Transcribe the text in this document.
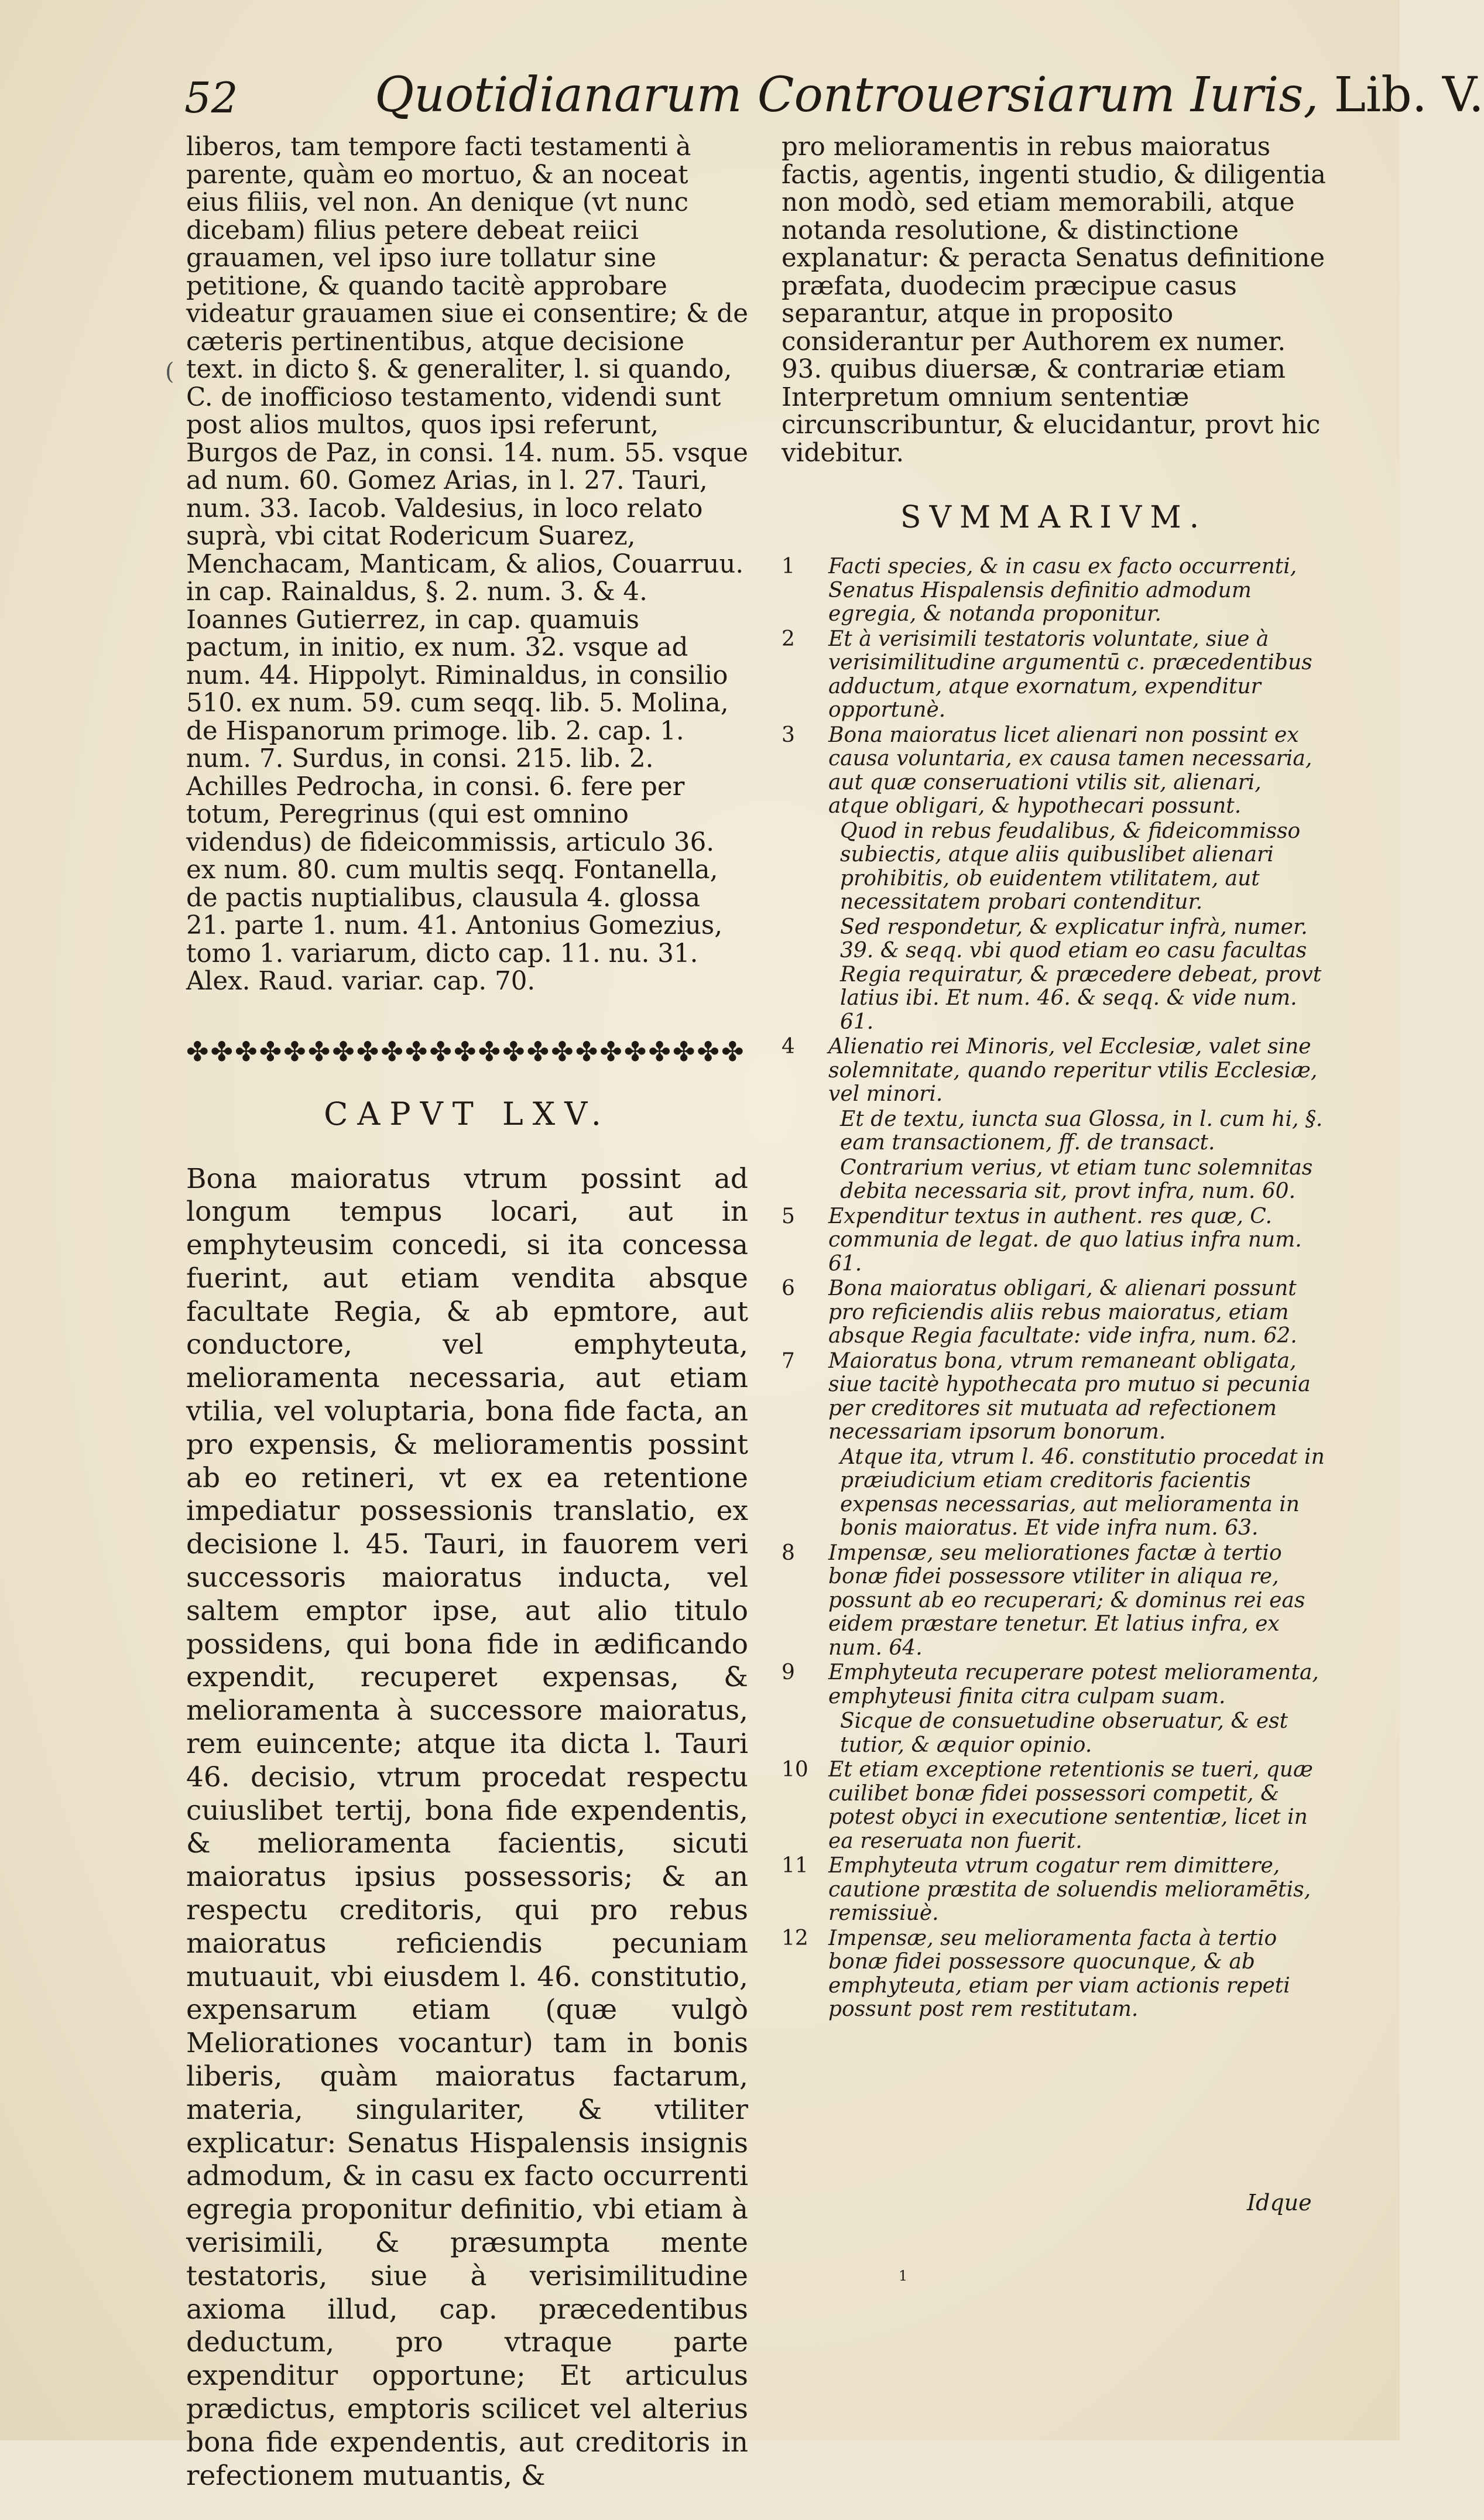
52	Quotidianarum Controuersiarum Iuris, Lib. V.
(

liberos, tam tempore facti testamenti à parente, quàm eo mortuo, & an noceat eius filiis, vel non. An denique (vt nunc dicebam) filius petere debeat reiici grauamen, vel ipso iure tollatur sine petitione, & quando tacitè approbare videatur grauamen siue ei consentire; & de cæteris pertinentibus, atque decisione text. in dicto §. & generaliter, l. si quando, C. de inofficioso testamento, videndi sunt post alios multos, quos ipsi referunt, Burgos de Paz, in consi. 14. num. 55. vsque ad num. 60. Gomez Arias, in l. 27. Tauri, num. 33. Iacob. Valdesius, in loco relato suprà, vbi citat Rodericum Suarez, Menchacam, Manticam, & alios, Couarruu. in cap. Rainaldus, §. 2. num. 3. & 4. Ioannes Gutierrez, in cap. quamuis pactum, in initio, ex num. 32. vsque ad num. 44. Hippolyt. Riminaldus, in consilio 510. ex num. 59. cum seqq. lib. 5. Molina, de Hispanorum primoge. lib. 2. cap. 1. num. 7. Surdus, in consi. 215. lib. 2. Achilles Pedrocha, in consi. 6. fere per totum, Peregrinus (qui est omnino videndus) de fideicommissis, articulo 36. ex num. 80. cum multis seqq. Fontanella, de pactis nuptialibus, clausula 4. glossa 21. parte 1. num. 41. Antonius Gomezius, tomo 1. variarum, dicto cap. 11. nu. 31. Alex. Raud. variar. cap. 70.

✤✤✤✤✤✤✤✤✤✤✤✤✤✤✤✤✤✤✤✤✤✤✤
CAPVT LXV.

Bona maioratus vtrum possint ad longum tempus locari, aut in emphyteusim concedi, si ita concessa fuerint, aut etiam vendita absque facultate Regia, & ab epmtore, aut conductore, vel emphyteuta, melioramenta necessaria, aut etiam vtilia, vel voluptaria, bona fide facta, an pro expensis, & melioramentis possint ab eo retineri, vt ex ea retentione impediatur possessionis translatio, ex decisione l. 45. Tauri, in fauorem veri successoris maioratus inducta, vel saltem emptor ipse, aut alio titulo possidens, qui bona fide in ædificando expendit, recuperet expensas, & melioramenta à successore maioratus, rem euincente; atque ita dicta l. Tauri 46. decisio, vtrum procedat respectu cuiuslibet tertij, bona fide expendentis, & melioramenta facientis, sicuti maioratus ipsius possessoris; & an respectu creditoris, qui pro rebus maioratus reficiendis pecuniam mutuauit, vbi eiusdem l. 46. constitutio, expensarum etiam (quæ vulgò Meliorationes vocantur) tam in bonis liberis, quàm maioratus factarum, materia, singulariter, & vtiliter explicatur: Senatus Hispalensis insignis admodum, & in casu ex facto occurrenti egregia proponitur definitio, vbi etiam à verisimili, & præsumpta mente testatoris, siue à verisimilitudine axioma illud, cap. præcedentibus deductum, pro vtraque parte expenditur opportune; Et articulus prædictus, emptoris scilicet vel alterius bona fide expendentis, aut creditoris in refectionem mutuantis, &

pro melioramentis in rebus maioratus factis, agentis, ingenti studio, & diligentia non modò, sed etiam memorabili, atque notanda resolutione, & distinctione explanatur: & peracta Senatus definitione præfata, duodecim præcipue casus separantur, atque in proposito considerantur per Authorem ex numer. 93. quibus diuersæ, & contrariæ etiam Interpretum omnium sententiæ circunscribuntur, & elucidantur, provt hic videbitur.

SVMMARIVM.
1	Facti species, & in casu ex facto occurrenti, Senatus Hispalensis definitio admodum egregia, & notanda proponitur.
2	Et à verisimili testatoris voluntate, siue à verisimilitudine argumentū c. præcedentibus adductum, atque exornatum, expenditur opportunè.
3	Bona maioratus licet alienari non possint ex causa voluntaria, ex causa tamen necessaria, aut quæ conseruationi vtilis sit, alienari, atque obligari, & hypothecari possunt.
Quod in rebus feudalibus, & fideicommisso subiectis, atque aliis quibuslibet alienari prohibitis, ob euidentem vtilitatem, aut necessitatem probari contenditur.
Sed respondetur, & explicatur infrà, numer. 39. & seqq. vbi quod etiam eo casu facultas Regia requiratur, & præcedere debeat, provt latius ibi. Et num. 46. & seqq. & vide num. 61.
4	Alienatio rei Minoris, vel Ecclesiæ, valet sine solemnitate, quando reperitur vtilis Ecclesiæ, vel minori.
Et de textu, iuncta sua Glossa, in l. cum hi, §. eam transactionem, ff. de transact.
Contrarium verius, vt etiam tunc solemnitas debita necessaria sit, provt infra, num. 60.
5	Expenditur textus in authent. res quæ, C. communia de legat. de quo latius infra num. 61.
6	Bona maioratus obligari, & alienari possunt pro reficiendis aliis rebus maioratus, etiam absque Regia facultate: vide infra, num. 62.
7	Maioratus bona, vtrum remaneant obligata, siue tacitè hypothecata pro mutuo si pecunia per creditores sit mutuata ad refectionem necessariam ipsorum bonorum.
Atque ita, vtrum l. 46. constitutio procedat in præiudicium etiam creditoris facientis expensas necessarias, aut melioramenta in bonis maioratus. Et vide infra num. 63.
8	Impensæ, seu meliorationes factæ à tertio bonæ fidei possessore vtiliter in aliqua re, possunt ab eo recuperari; & dominus rei eas eidem præstare tenetur. Et latius infra, ex num. 64.
9	Emphyteuta recuperare potest melioramenta, emphyteusi finita citra culpam suam.
Sicque de consuetudine obseruatur, & est tutior, & æquior opinio.
10 Et etiam exceptione retentionis se tueri, quæ cuilibet bonæ fidei possessori competit, & potest obyci in executione sententiæ, licet in ea reseruata non fuerit.
11 Emphyteuta vtrum cogatur rem dimittere, cautione præstita de soluendis melioramētis, remissiuè.
12 Impensæ, seu melioramenta facta à tertio bonæ fidei possessore quocunque, & ab emphyteuta, etiam per viam actionis repeti possunt post rem restitutam.
Idque
1
